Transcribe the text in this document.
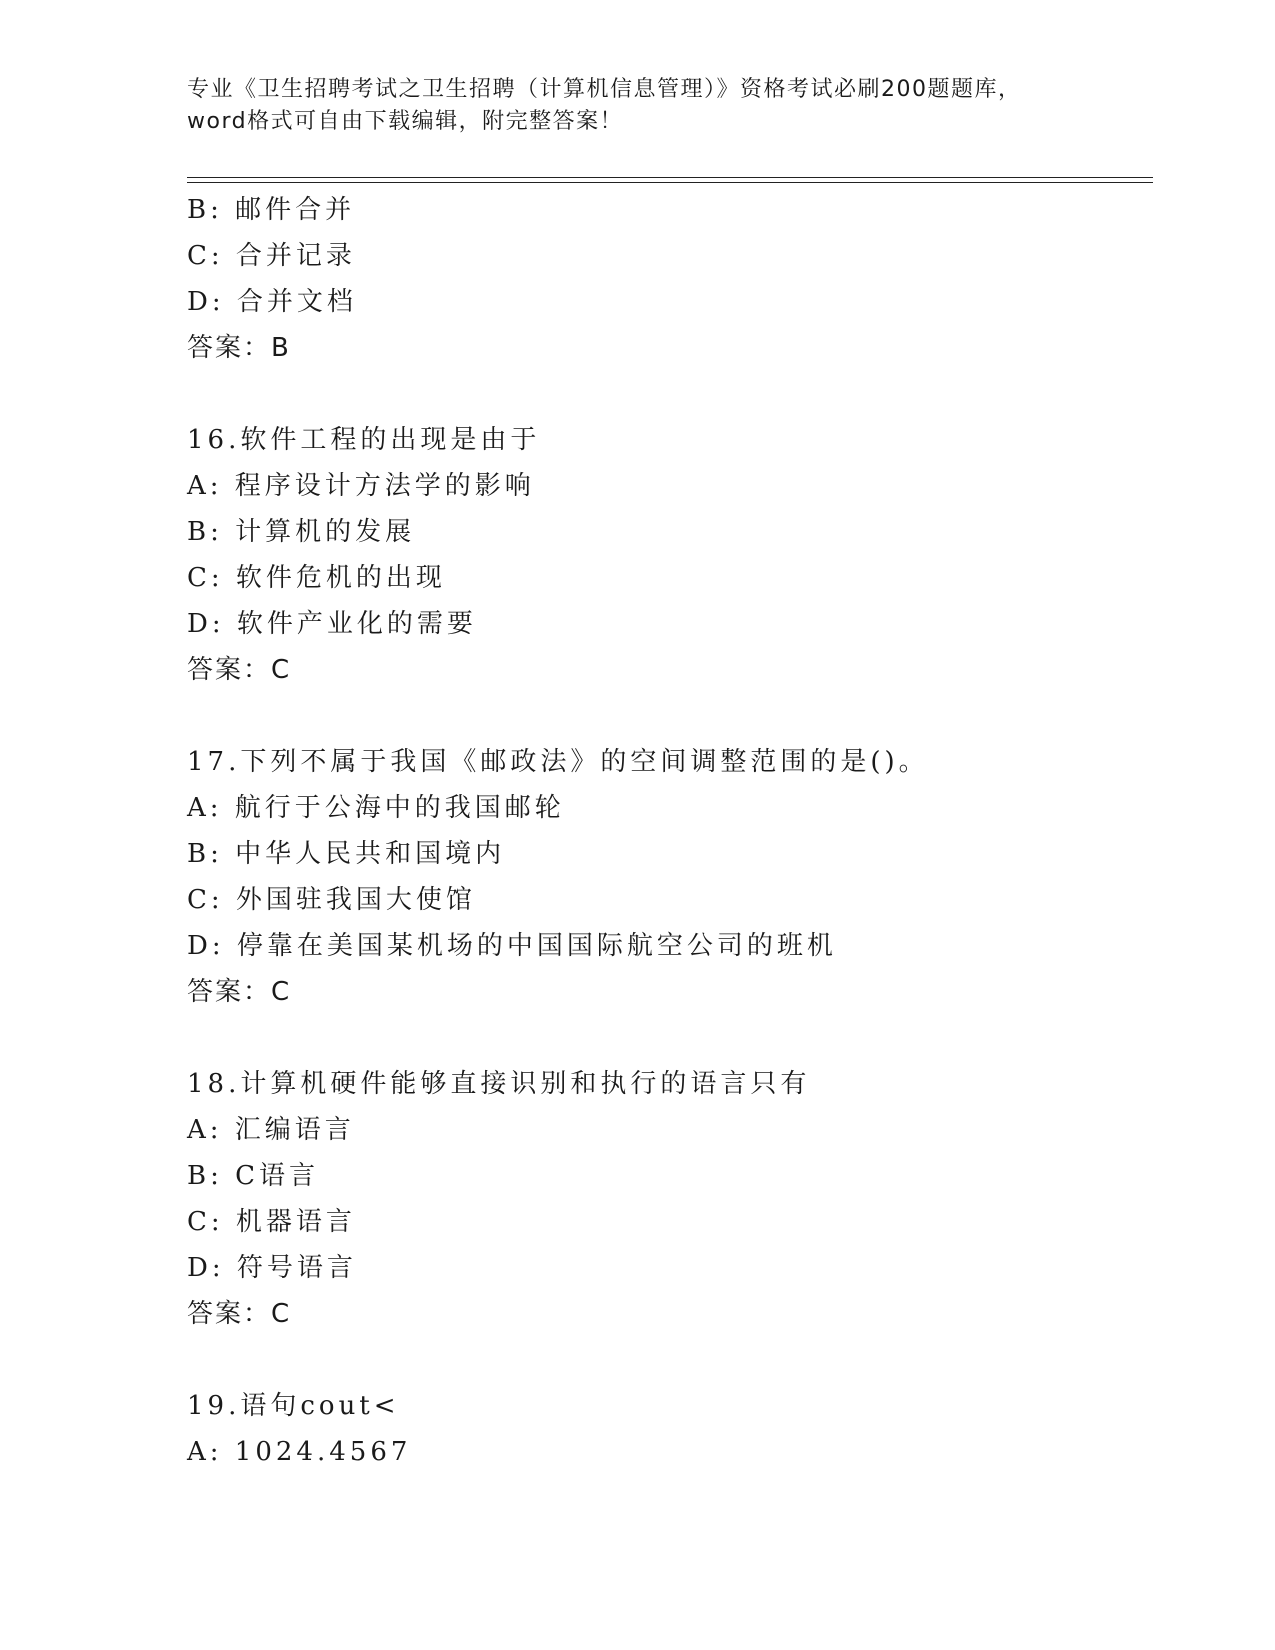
专业《卫生招聘考试之卫生招聘（计算机信息管理）》资格考试必刷200题题库，
word格式可自由下载编辑，附完整答案！
B: 邮件合并
C: 合并记录
D: 合并文档
答案：B
16.软件工程的出现是由于
A: 程序设计方法学的影响
B: 计算机的发展
C: 软件危机的出现
D: 软件产业化的需要
答案：C
17.下列不属于我国《邮政法》的空间调整范围的是()。
A: 航行于公海中的我国邮轮
B: 中华人民共和国境内
C: 外国驻我国大使馆
D: 停靠在美国某机场的中国国际航空公司的班机
答案：C
18.计算机硬件能够直接识别和执行的语言只有
A: 汇编语言
B: C语言
C: 机器语言
D: 符号语言
答案：C
19.语句cout<
A: 1024.4567
